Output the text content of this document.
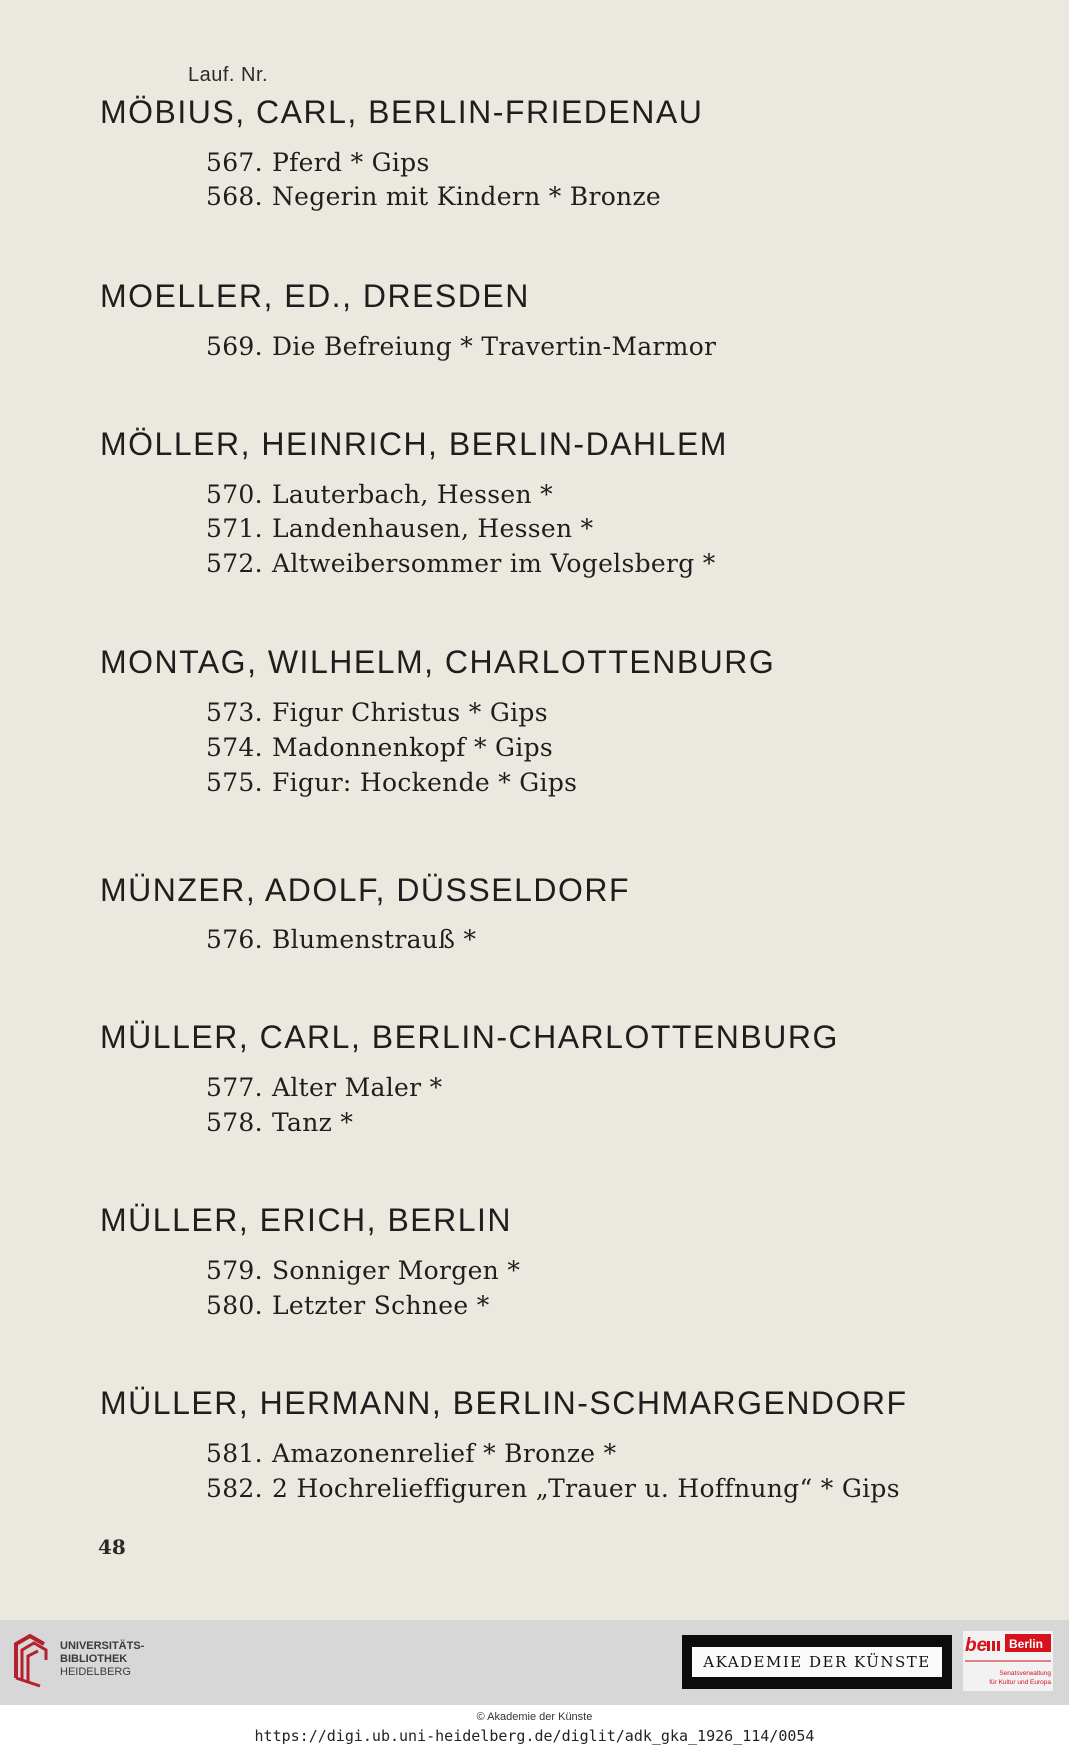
Lauf. Nr.
MÖBIUS, CARL, BERLIN-FRIEDENAU
567. Pferd * Gips
568. Negerin mit Kindern * Bronze
MOELLER, ED., DRESDEN
569. Die Befreiung * Travertin-Marmor
MÖLLER, HEINRICH, BERLIN-DAHLEM
570. Lauterbach, Hessen *
571. Landenhausen, Hessen *
572. Altweibersommer im Vogelsberg *
MONTAG, WILHELM, CHARLOTTENBURG
573. Figur Christus * Gips
574. Madonnenkopf * Gips
575. Figur: Hockende * Gips
MÜNZER, ADOLF, DÜSSELDORF
576. Blumenstrauß *
MÜLLER, CARL, BERLIN-CHARLOTTENBURG
577. Alter Maler *
578. Tanz *
MÜLLER, ERICH, BERLIN
579. Sonniger Morgen *
580. Letzter Schnee *
MÜLLER, HERMANN, BERLIN-SCHMARGENDORF
581. Amazonenrelief * Bronze *
582. 2 Hochrelieffiguren „Trauer u. Hoffnung“ * Gips
48
UNIVERSITÄTS-
BIBLIOTHEK
HEIDELBERG
AKADEMIE DER KÜNSTE
be Berlin
Senatsverwaltung
für Kultur und Europa
© Akademie der Künste
https://digi.ub.uni-heidelberg.de/diglit/adk_gka_1926_114/0054
